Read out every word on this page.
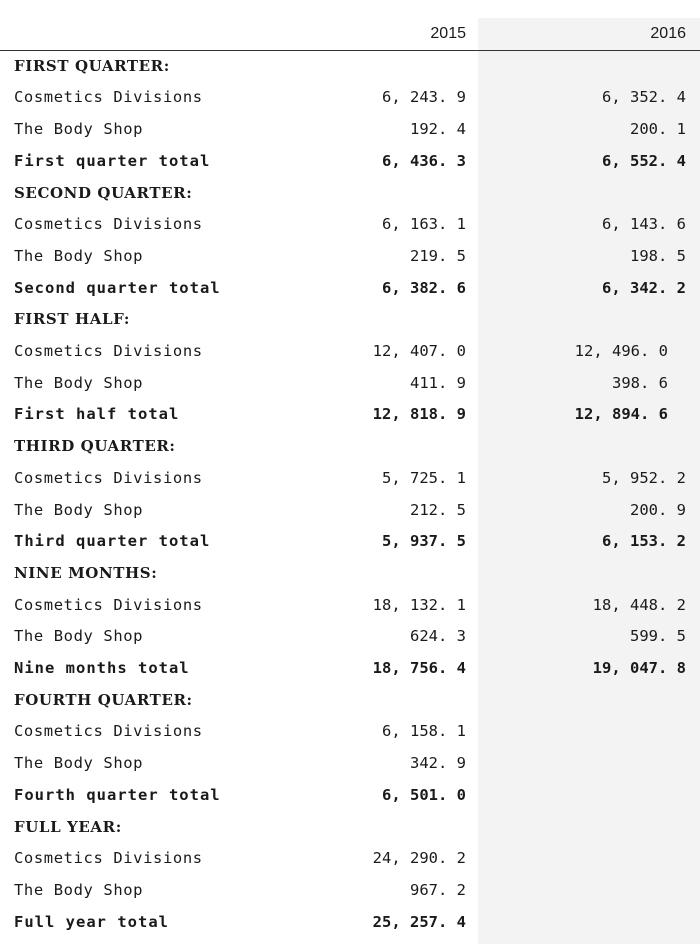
	2015	2016
FIRST QUARTER:		
Cosmetics Divisions	6, 243. 9	6, 352. 4
The Body Shop	192. 4	200. 1
First quarter total	6, 436. 3	6, 552. 4
SECOND QUARTER:		
Cosmetics Divisions	6, 163. 1	6, 143. 6
The Body Shop	219. 5	198. 5
Second quarter total	6, 382. 6	6, 342. 2
FIRST HALF:		
Cosmetics Divisions	12, 407. 0	12, 496. 0
The Body Shop	411. 9	398. 6
First half total	12, 818. 9	12, 894. 6
THIRD QUARTER:		
Cosmetics Divisions	5, 725. 1	5, 952. 2
The Body Shop	212. 5	200. 9
Third quarter total	5, 937. 5	6, 153. 2
NINE MONTHS:		
Cosmetics Divisions	18, 132. 1	18, 448. 2
The Body Shop	624. 3	599. 5
Nine months total	18, 756. 4	19, 047. 8
FOURTH QUARTER:		
Cosmetics Divisions	6, 158. 1	
The Body Shop	342. 9	
Fourth quarter total	6, 501. 0	
FULL YEAR:		
Cosmetics Divisions	24, 290. 2	
The Body Shop	967. 2	
Full year total	25, 257. 4	
